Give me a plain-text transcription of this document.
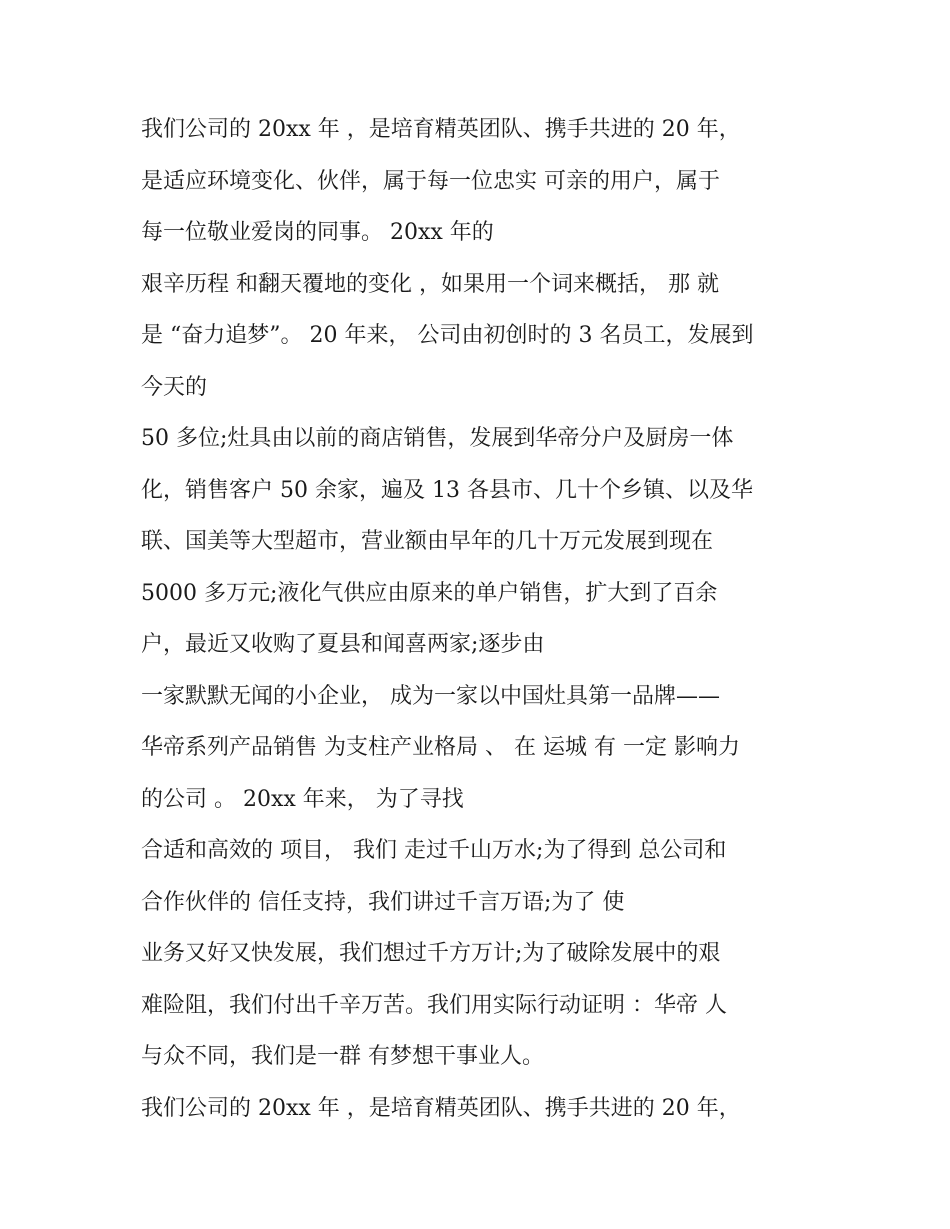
我们公司的 20xx 年 ，是培育精英团队、携手共进的 20 年，
是适应环境变化、伙伴，属于每一位忠实 可亲的用户，属于
每一位敬业爱岗的同事。 20xx 年的
艰辛历程 和翻天覆地的变化 ，如果用一个词来概括， 那 就
是 “奋力追梦”。 20 年来， 公司由初创时的 3 名员工，发展到
今天的
50 多位;灶具由以前的商店销售，发展到华帝分户及厨房一体
化，销售客户 50 余家，遍及 13 各县市、几十个乡镇、以及华
联、国美等大型超市，营业额由早年的几十万元发展到现在
5000 多万元;液化气供应由原来的单户销售，扩大到了百余
户，最近又收购了夏县和闻喜两家;逐步由
一家默默无闻的小企业， 成为一家以中国灶具第一品牌——
华帝系列产品销售 为支柱产业格局 、 在 运城 有 一定 影响力
的公司 。 20xx 年来， 为了寻找
合适和高效的 项目， 我们 走过千山万水;为了得到 总公司和
合作伙伴的 信任支持，我们讲过千言万语;为了 使
业务又好又快发展，我们想过千方万计;为了破除发展中的艰
难险阻，我们付出千辛万苦。我们用实际行动证明 ：华帝 人
与众不同，我们是一群 有梦想干事业人。
我们公司的 20xx 年 ，是培育精英团队、携手共进的 20 年，
